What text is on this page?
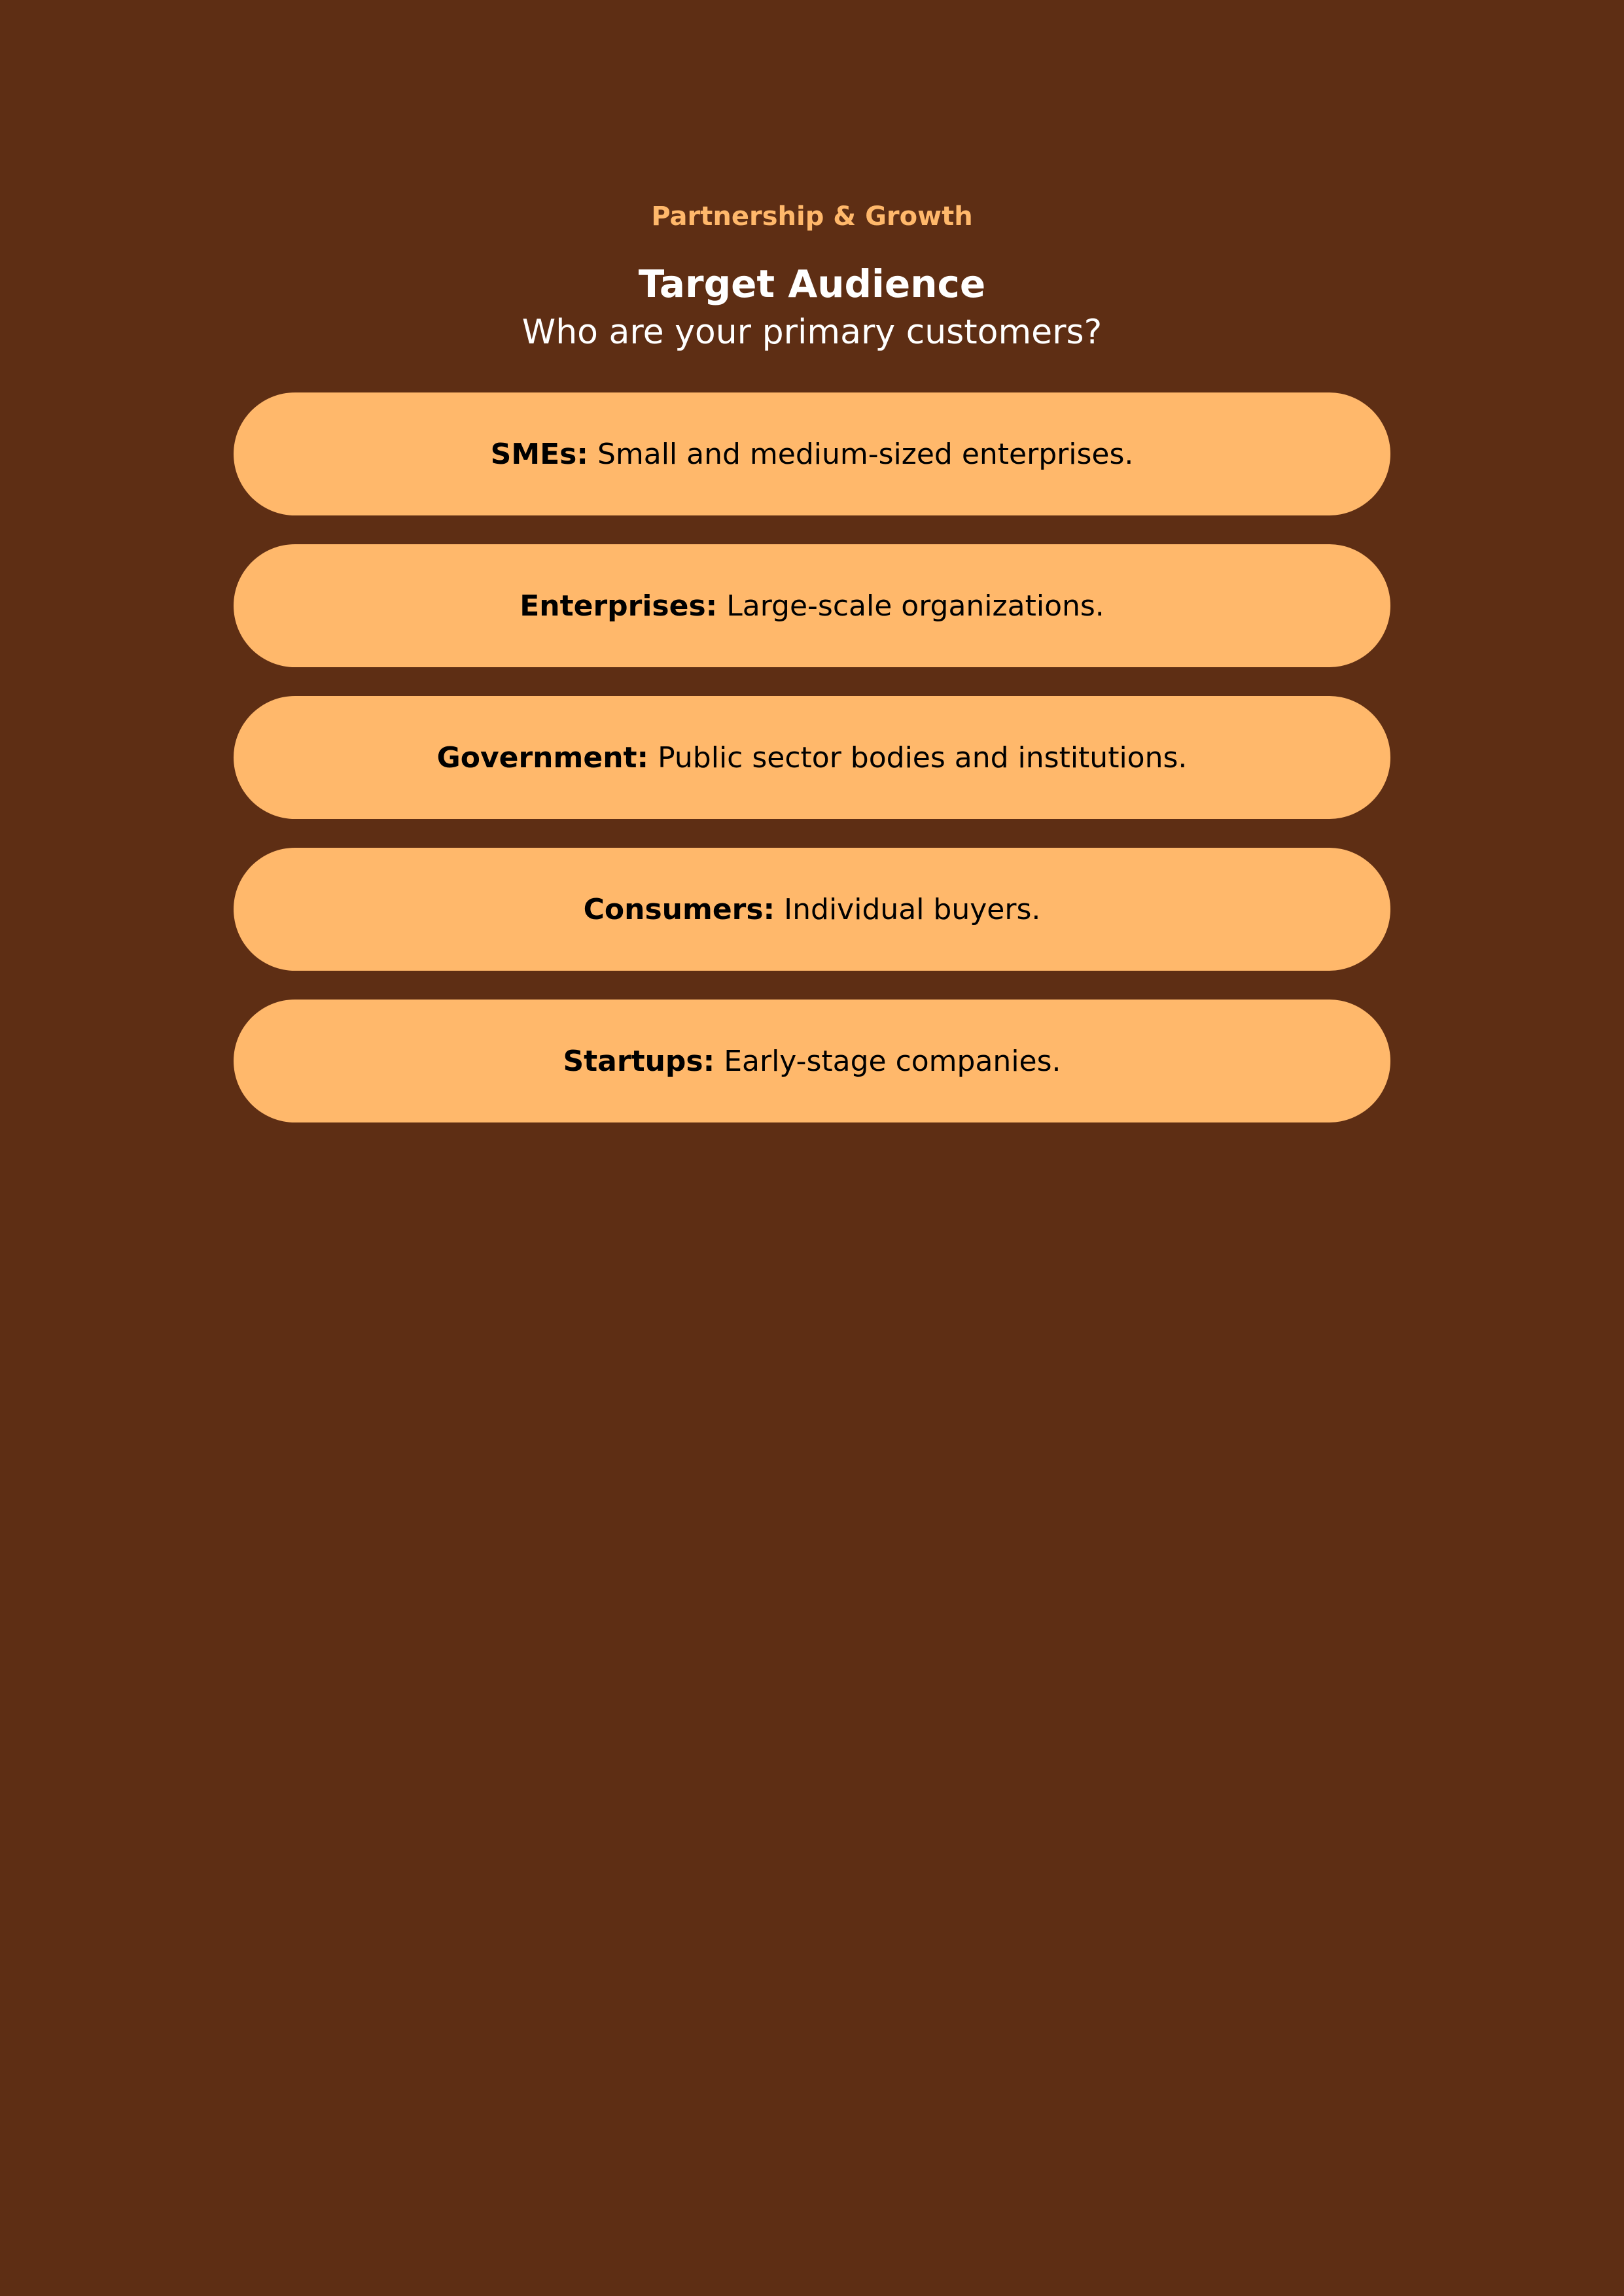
Partnership & Growth
Target Audience
Who are your primary customers?
SMEs:
Small and medium-sized enterprises.
Enterprises:
Large-scale organizations.
Government:
Public sector bodies and institutions.
Consumers:
Individual buyers.
Startups:
Early-stage companies.
